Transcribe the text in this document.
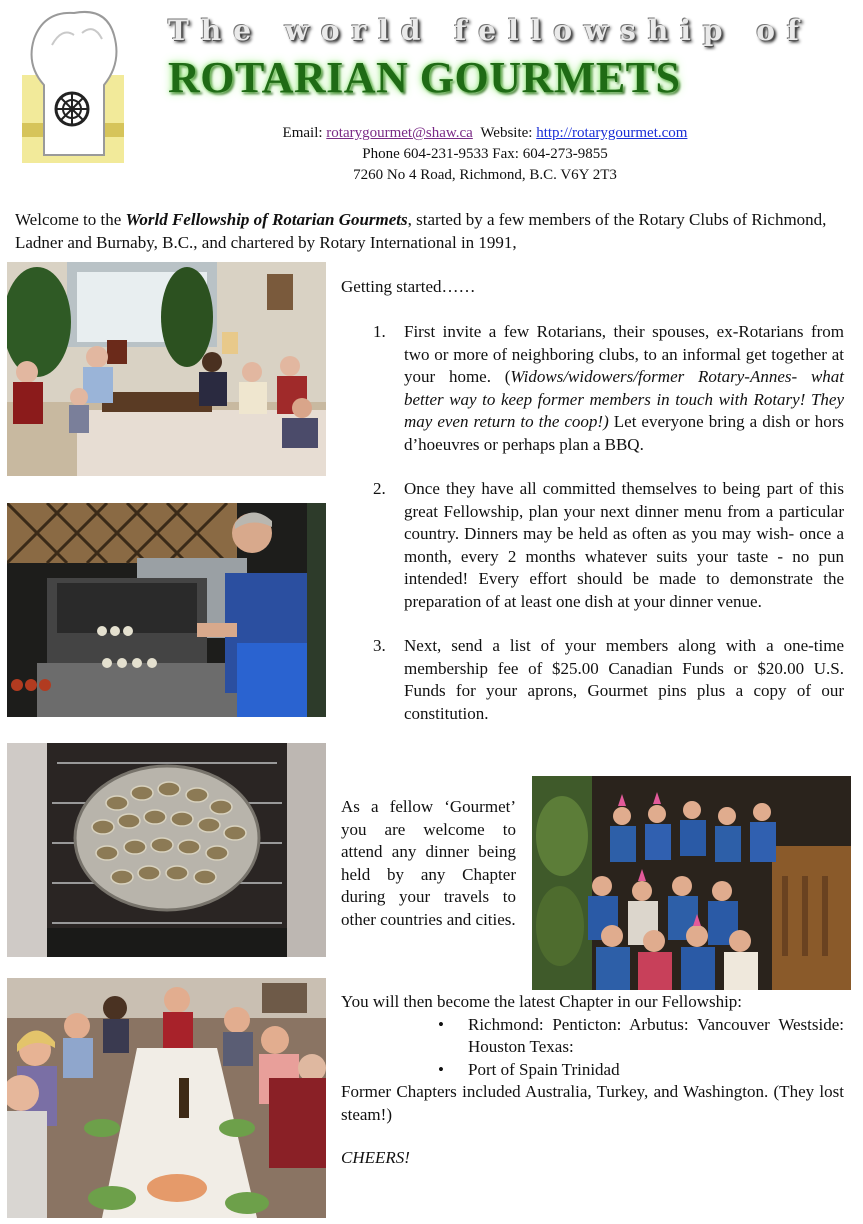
The world fellowship of
ROTARIAN GOURMETS
Email: rotarygourmet@shaw.ca Website: http://rotarygourmet.com
Phone 604-231-9533 Fax: 604-273-9855
7260 No 4 Road, Richmond, B.C. V6Y 2T3
Welcome to the World Fellowship of Rotarian Gourmets, started by a few members of the Rotary Clubs of Richmond, Ladner and Burnaby, B.C., and chartered by Rotary International in 1991,
Getting started……
1. First invite a few Rotarians, their spouses, ex-Rotarians from two or more of neighboring clubs, to an informal get together at your home. (Widows/widowers/former Rotary-Annes- what better way to keep former members in touch with Rotary! They may even return to the coop!) Let everyone bring a dish or hors d’hoeuvres or perhaps plan a BBQ.
2. Once they have all committed themselves to being part of this great Fellowship, plan your next dinner menu from a particular country. Dinners may be held as often as you may wish- once a month, every 2 months whatever suits your taste - no pun intended! Every effort should be made to demonstrate the preparation of at least one dish at your dinner venue.
3. Next, send a list of your members along with a one-time membership fee of $25.00 Canadian Funds or $20.00 U.S. Funds for your aprons, Gourmet pins plus a copy of our constitution.
As a fellow ‘Gourmet’ you are welcome to attend any dinner being held by any Chapter during your travels to other countries and cities.
You will then become the latest Chapter in our Fellowship:
• Richmond: Penticton: Arbutus: Vancouver Westside: Houston Texas:
• Port of Spain Trinidad
Former Chapters included Australia, Turkey, and Washington. (They lost steam!)
CHEERS!
